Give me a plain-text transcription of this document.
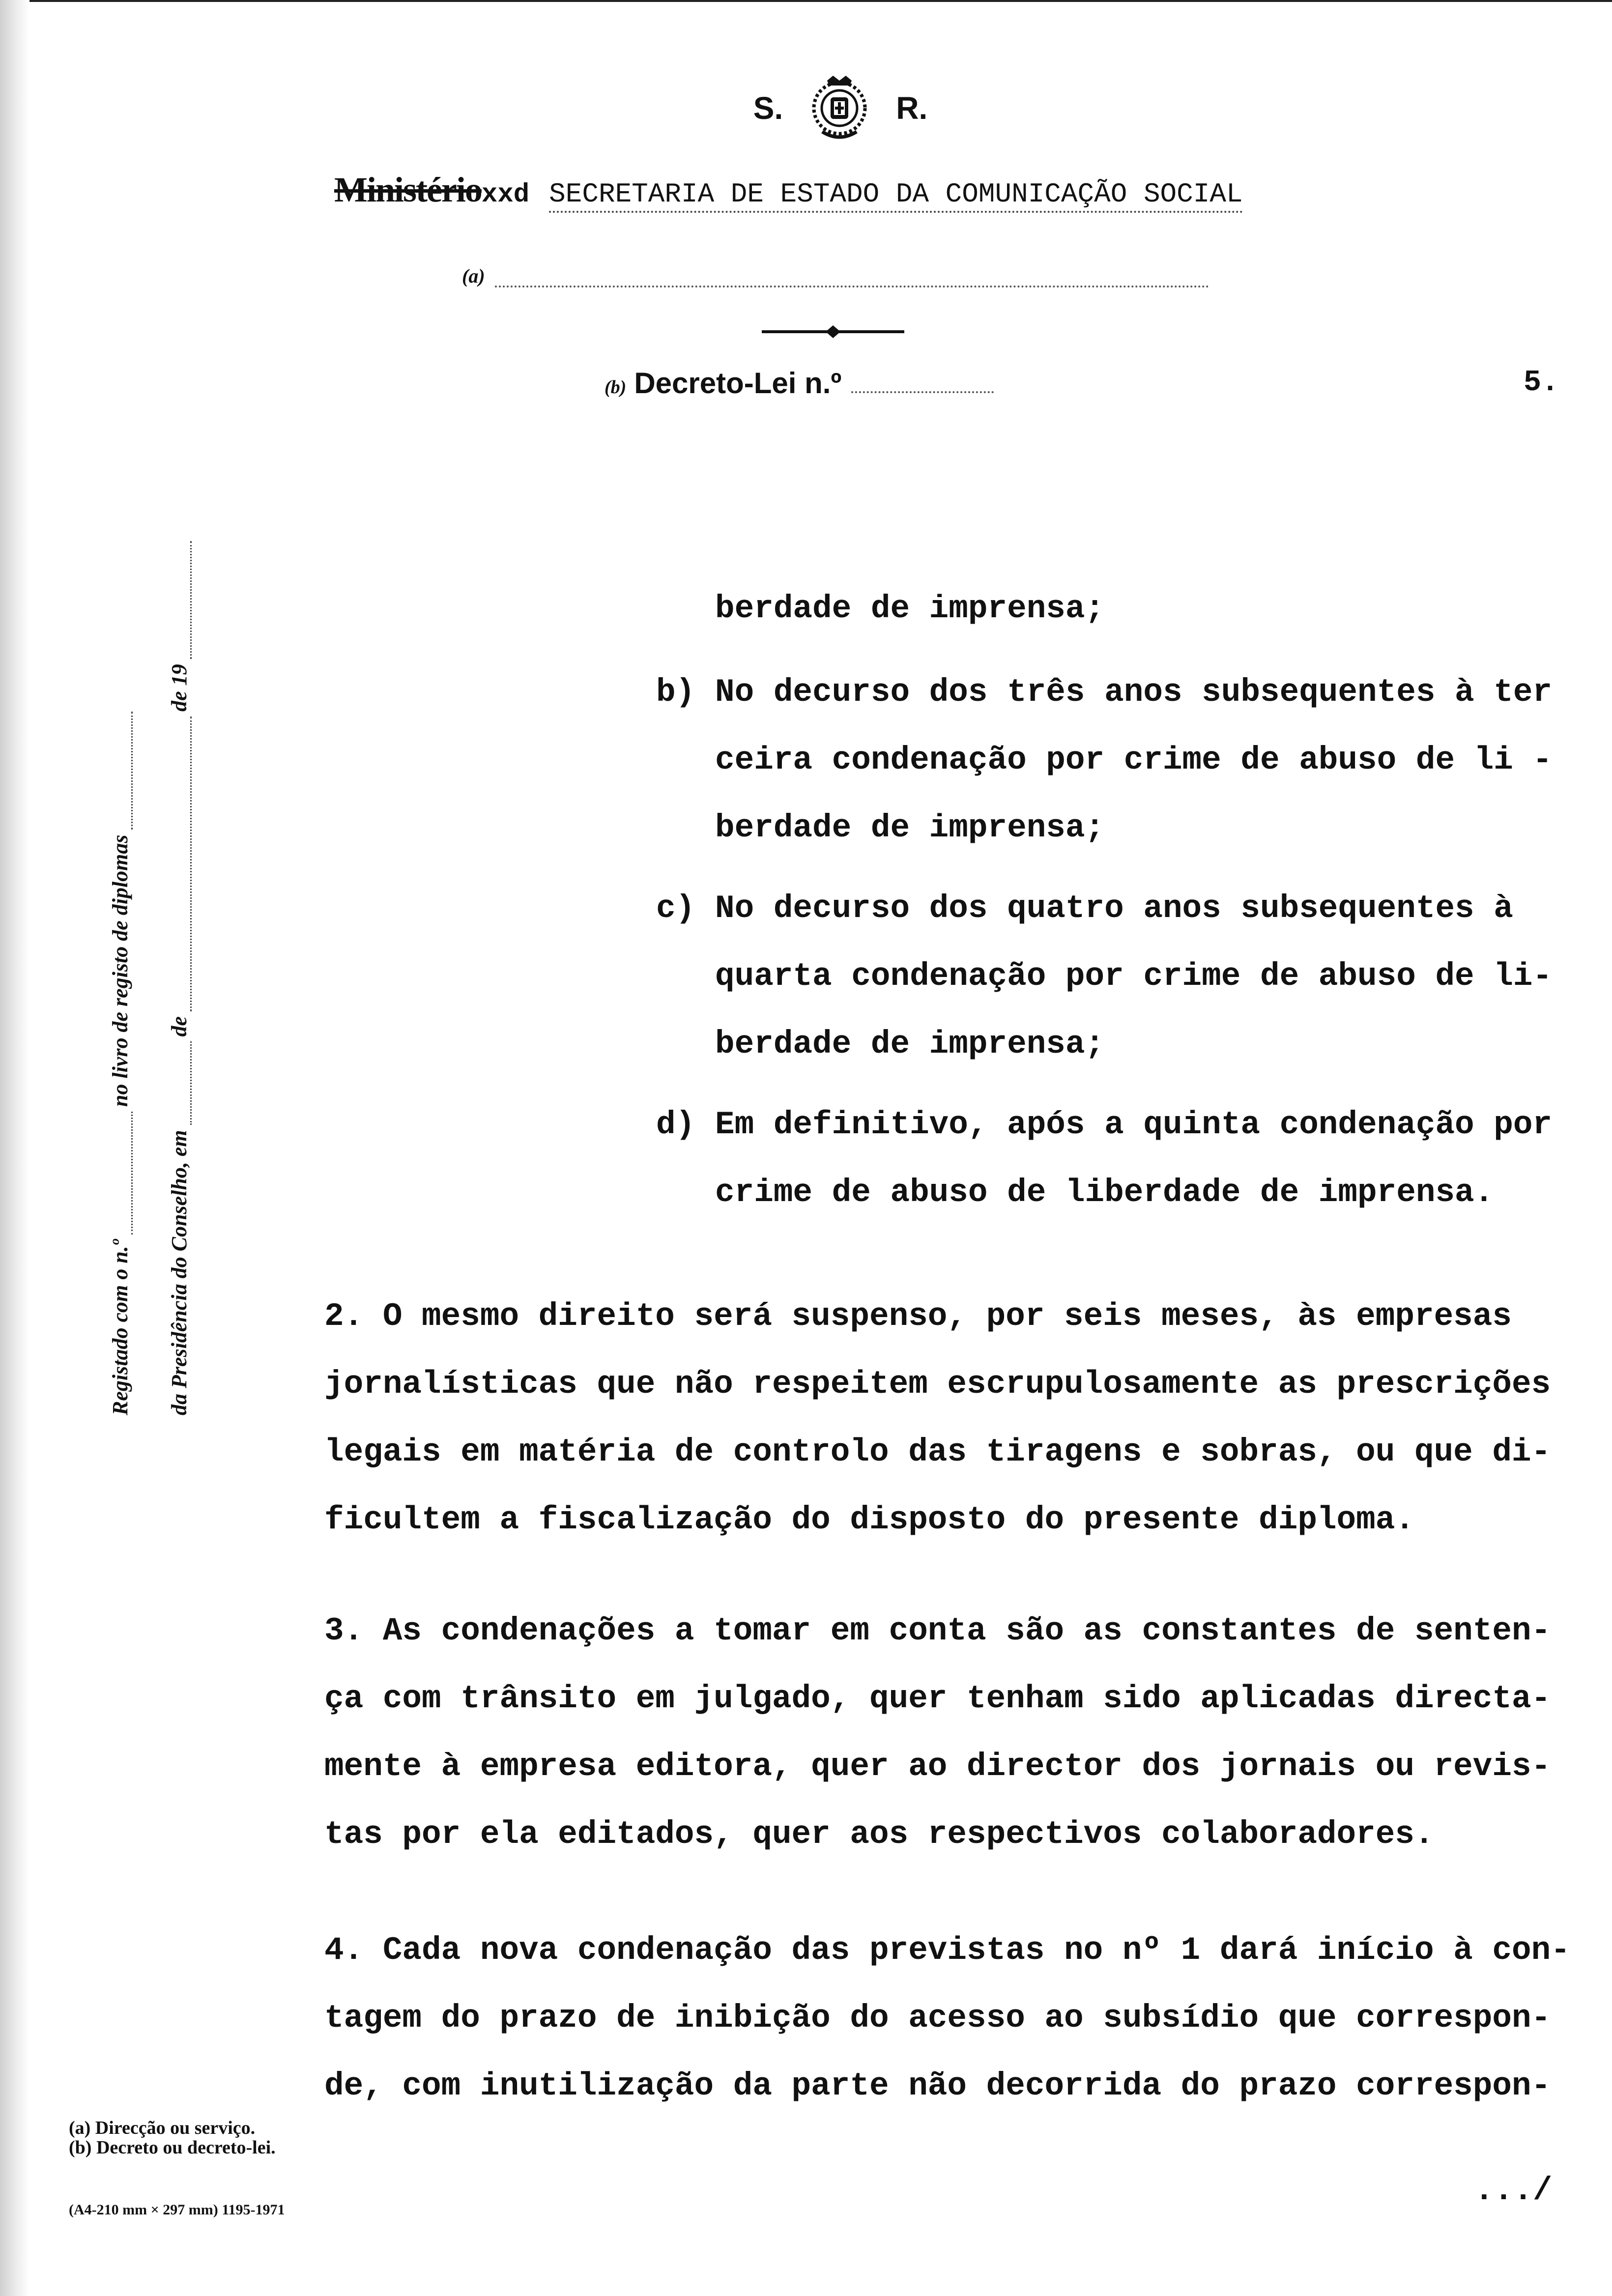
S.	R.
Ministério xxd SECRETARIA DE ESTADO DA COMUNICAÇÃO SOCIAL
(a)
(b) Decreto-Lei n.º	5.
Registado com o n.º
no livro de registo de diplomas
da Presidência do Conselho, em
de
de 19
berdade de imprensa;
b) No decurso dos três anos subsequentes à ter
ceira condenação por crime de abuso de li -
berdade de imprensa;
c) No decurso dos quatro anos subsequentes à
quarta condenação por crime de abuso de li-
berdade de imprensa;
d) Em definitivo, após a quinta condenação por
crime de abuso de liberdade de imprensa.
2. O mesmo direito será suspenso, por seis meses, às empresas
jornalísticas que não respeitem escrupulosamente as prescrições
legais em matéria de controlo das tiragens e sobras, ou que di-
ficultem a fiscalização do disposto do presente diploma.
3. As condenações a tomar em conta são as constantes de senten-
ça com trânsito em julgado, quer tenham sido aplicadas directa-
mente à empresa editora, quer ao director dos jornais ou revis-
tas por ela editados, quer aos respectivos colaboradores.
4. Cada nova condenação das previstas no nº 1 dará início à con-
tagem do prazo de inibição do acesso ao subsídio que correspon-
de, com inutilização da parte não decorrida do prazo correspon-
(a) Direcção ou serviço.
(b) Decreto ou decreto-lei.
(A4-210 mm × 297 mm) 1195-1971
.../
